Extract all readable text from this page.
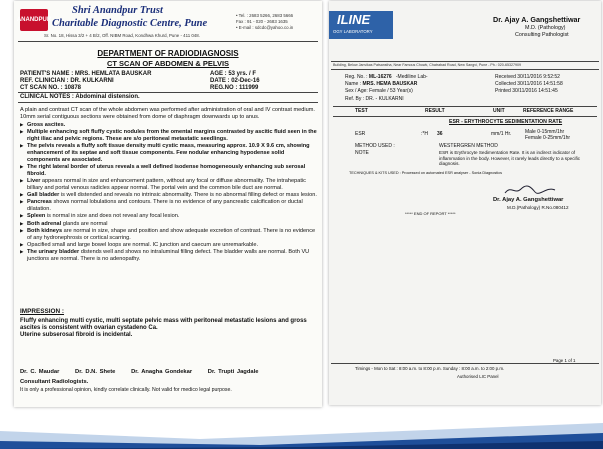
ANANDPUR
Shri Anandpur Trust
Charitable Diagnostic Centre, Pune
Sr. No. 18, Hissa 3/2 + 4 B/2, Off. NIBM Road, Kondhwa Khurd, Pune - 411 048.
• Tel. : 2683 5266, 2683 5666
Fax : 91 - 020 - 2683 1635
• E-mail : sdcdc@yahoo.co.in
DEPARTMENT OF RADIODIAGNOSIS
CT SCAN OF ABDOMEN & PELVIS
PATIENT'S NAME : MRS. HEMLATA BAUSKAR
REF. CLINICIAN : DR. KULKARNI
CT SCAN NO. : 10878
AGE : 53 yrs. / F
DATE : 02-Dec-16
REG.NO : 111999
CLINICAL NOTES : Abdominal distension.

A plain and contrast CT scan of the whole abdomen was performed after administration of oral and IV contrast medium. 10mm serial contiguous sections were obtained from dome of diaphragm downwards up to anus.

▶ Gross ascites.
▶ Multiple enhancing soft fluffy cystic nodules from the omental margins contrasted by ascitic fluid seen in the right iliac and pelvic regions. These are s/o peritoneal metastatic seedlings.
▶ The pelvis reveals a fluffy soft tissue density multi cystic mass, measuring approx. 10.9 X 9.6 cm, showing enhancement of its septae and soft tissue components. Few nodular enhancing hypodense solid components are associated.
▶ The right lateral border of uterus reveals a well defined isodense homogeneously enhancing sub serosal fibroid.
▶ Liver appears normal in size and enhancement pattern, without any focal or diffuse abnormality. The intrahepatic billiary and portal venous radicles appear normal. The portal vein and the common bile duct are normal.
▶ Gall bladder is well distended and reveals no intrinsic abnormality. There is no abnormal filling defect or mass lesion.
▶ Pancreas shows normal lobulations and contours. There is no evidence of any pancreatic calcification or ductal dilatation.
▶ Spleen is normal in size and does not reveal any focal lesion.
▶ Both adrenal glands are normal
▶ Both kidneys are normal in size, shape and position and show adequate excretion of contrast. There is no evidence of any hydronephrosis or cortical scarring.
▶ Opacified small and large bowel loops are normal. IC junction and caecum are unremarkable.
▶ The urinary bladder distends well and shows no intraluminal filling defect. The bladder walls are normal. Both VU junctions are normal. There is no adenopathy.
IMPRESSION :
Fluffy enhancing multi cystic, multi septate pelvic mass with peritoneal metastatic lesions and gross ascites is consistent with ovarian cystadeno Ca.
Uterine subserosal fibroid is incidental.
Dr. C. Maudar	Dr. D.N. Shete	Dr. Anagha Gondekar	Dr. Trupti Jagdale
Consultant Radiologists.
It is only a professional opinion, kindly correlate clinically. Not valid for medico legal purpose.
ILINE
OGY LABORATORY
Dr. Ajay A. Gangshettiwar
M.D. (Pathology)
Consulting Pathologist
Building, Below Janvikas Patsanstha, Near Famous Chowk, Chatrabad Road, New Sangvi, Pune - Ph.: 020-65327909
Reg. No. : ML-16276 -Mediline Lab-
Name : MRS. HEMA BAUSKAR
Sex / Age: Female / 53 Year(s)
Ref. By : DR. - KULKARNI
Received 30/11/2016 9:52:52
Collected 30/11/2016 14:51:58
Printed 30/11/2016 14:51:45
TEST	RESULT	UNIT	REFERENCE RANGE
ESR - ERYTHROCYTE SEDIMENTATION RATE
ESR	:*H 36	mm/1 Hr.	Male 0-15mm/1hr
Female 0-25mm/1hr
METHOD USED :	WESTERGREN METHOD
NOTE	ESR is Erythrocyte Sedimentation Rate. It is an indirect indicator of inflammation in the body. However, it rarely leads directly to a specific diagnosis.
TECHNIQUES & KITS USED : Processed on automated ESR analyser - Sonia Diagnostics
Dr. Ajay A. Gangshettiwar
M.D.(Pathology) R.No.080412
***** END OF REPORT *****
Page 1 of 1
Timings - Mon to Sat : 8:00 a.m. to 8:00 p.m. Sunday : 8:00 a.m. to 2:00 p.m.
Authorised LIC Panel
